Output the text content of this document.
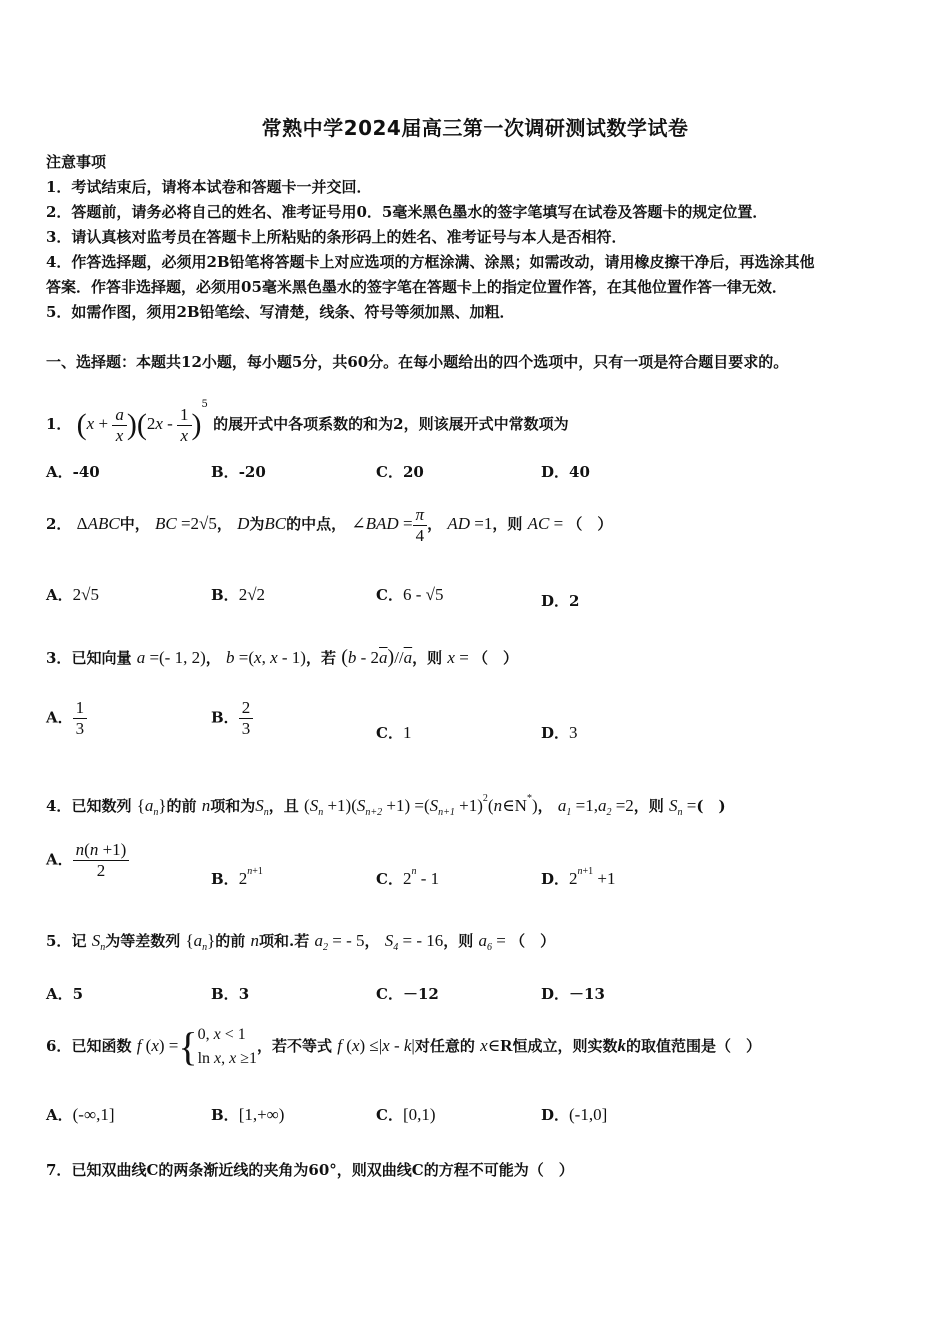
常熟中学2024届高三第一次调研测试数学试卷
注意事项
1．考试结束后，请将本试卷和答题卡一并交回．
2．答题前，请务必将自己的姓名、准考证号用0．5毫米黑色墨水的签字笔填写在试卷及答题卡的规定位置．
3．请认真核对监考员在答题卡上所粘贴的条形码上的姓名、准考证号与本人是否相符．
4．作答选择题，必须用2B铅笔将答题卡上对应选项的方框涂满、涂黑；如需改动，请用橡皮擦干净后，再选涂其他
答案．作答非选择题，必须用05毫米黑色墨水的签字笔在答题卡上的指定位置作答，在其他位置作答一律无效．
5．如需作图，须用2B铅笔绘、写清楚，线条、符号等须加黑、加粗．
一、选择题：本题共12小题，每小题5分，共60分。在每小题给出的四个选项中，只有一项是符合题目要求的。
1． $(x + \frac{a}{x} )(2x - \frac{1}{x} )^5$ 的展开式中各项系数的和为2，则该展开式中常数项为
A．-40	B．-20	C．20	D．40
2． ΔABC中， BC =2√5， D为BC的中点， ∠BAD = $\frac{\pi}{4}$ ， AD =1，则 AC = （　）
A．2√5	B．2√2	C．6 - √5	D．2
3．已知向量 a =(- 1, 2)， b =(x, x - 1)，若 $(b - 2\overline{a})//\overline{a}$，则 x = （　）
A． $\frac{1}{3}$	B． $\frac{2}{3}$	C．1	D．3
4．已知数列 $\{a_n\}$的前 n项和为$S_n$，且 $(S_n +1)(S_{n+2} +1) =(S_{n+1}$ $+1)^2(n\in N^*)$， $a_1 =1,a_2 =2$，则 $S_n$ =(　)
A． $\frac{n(n +1)}{2}$	B．$2^{n+1}$	C．2$^n$ - 1	D．$2^{n+1} +1$
5．记 $S_n$为等差数列 $\{a_n\}$的前 n项和.若 $a_2$ = - 5， $S_4$ = - 16，则 $a_6$ = （　）
A．5	B．3	C．－12	D．－13
6．已知函数 f (x) ={ 0, x < 1
ln x, x ≥1
，若不等式 f (x) ≤|x - k|对任意的 x∈R恒成立，则实数k的取值范围是（　）
A．(-∞,1]	B．[1,+∞)	C．[0,1)	D．(-1,0]
7．已知双曲线C的两条渐近线的夹角为60°，则双曲线C的方程不可能为（　）
